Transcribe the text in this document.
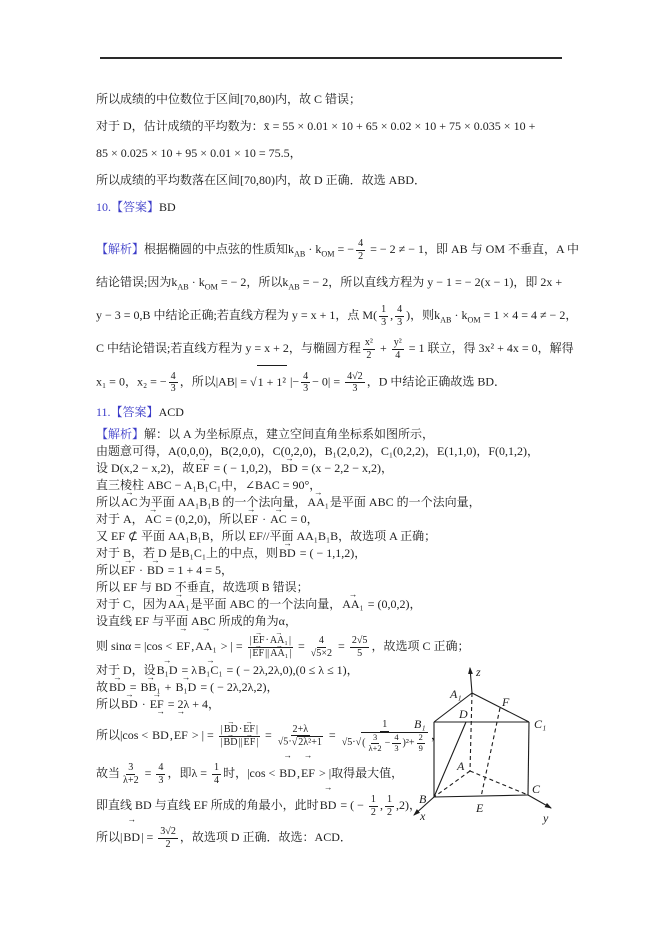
所以成绩的中位数位于区间[70,80)内，故 C 错误；
对于 D，估计成绩的平均数为：x̄ = 55 × 0.01 × 10 + 65 × 0.02 × 10 + 75 × 0.035 × 10 +
85 × 0.025 × 10 + 95 × 0.01 × 10 = 75.5，
所以成绩的平均数落在区间[70,80)内，故 D 正确．故选 ABD．
10.【答案】BD
【解析】根据椭圆的中点弦的性质知$k_{AB} \cdot k_{OM}$ = − $\frac{4}{2}$ = − 2 ≠ − 1，即 AB 与 OM 不垂直，A 中
结论错误;因为$k_{AB} \cdot k_{OM}$ = − 2，所以$k_{AB}$ = − 2，所以直线方程为 y − 1 = − 2(x − 1)，即 2x +
y − 3 = 0,B 中结论正确;若直线方程为 y = x + 1，点 $M( \frac{1}{3}$ , $\frac{4}{3}$ )，则$k_{AB} \cdot k_{OM} = 1 \times 4 = 4$ ≠ − 2，
C 中结论错误;若直线方程为 y = x + 2，与椭圆方程 $\frac{\text{x²}}{2} + \frac{\text{y²}}{4} = 1$ 联立，得 3x² + 4x = 0，解得
x₁ = 0，x₂ = − $\frac{4}{3}$ ，所以|AB| = √ 1 + 1² |− $\frac{4}{3} - 0| = \frac{4√2}{3}$ ，D 中结论正确故选 BD．
11.【答案】ACD
【解析】解：以 A 为坐标原点，建立空间直角坐标系如图所示，
由题意可得，A(0,0,0)，B(2,0,0)，C(0,2,0)，B₁(2,0,2)，C₁(0,2,2)，E(1,1,0)，F(0,1,2)，
设 D(x,2 − x,2)，故→ EF = ( − 1,0,2)，→ BD = (x − 2,2 − x,2)，
直三棱柱 ABC − A₁B₁C₁中，∠BAC = 90°，
所以→ AC为平面 AA₁B₁B 的一个法向量，→ AA₁是平面 ABC 的一个法向量，
对于 A，→ AC = (0,2,0)，所以→ EF · → AC = 0，
又 EF ⊄ 平面 AA₁B₁B，所以 EF//平面 AA₁B₁B，故选项 A 正确；
对于 B，若 D 是B₁C₁上的中点，则→ BD = ( − 1,1,2)，
所以→ EF · → BD = 1 + 4 = 5，
所以 EF 与 BD 不垂直，故选项 B 错误；
对于 C，因为→ AA₁是平面 ABC 的一个法向量，→ AA₁ = (0,0,2)，
设直线 EF 与平面 ABC 所成的角为α，
则 sinα = |cos < → EF,→ AA₁ > | = $\frac{\text{|→ EF·→ AA₁|}}{\text{|→ EF||→ AA₁|}} = \frac{4}{√5\times 2} = \frac{2√5}{5}$ ，故选项 C 正确；
对于 D，设→ B₁D = λ→ B₁C₁ = ( − 2λ,2λ,0),(0 ≤ λ ≤ 1)，
故→ BD = → BB₁ + → B₁D = ( − 2λ,2λ,2)，
所以→ BD · → EF = 2λ + 4，
所以|cos < → BD,→ EF > | = $\frac{|\to BD\cdot\to EF|}{|\to BD||\to EF|} = \frac{2+\lambda}{\text{√5· √ 2λ²+1}} = \frac{1}{√5\cdot √ ( \frac{3}{\lambda+2} - \frac{4}{3} )^2+ \frac{2}{9}}$ ，
故当 $\frac{3}{\lambda+2} = \frac{4}{3}$ ，即$\lambda = \frac{1}{4}$ 时，|cos < → BD,→ EF > |取得最大值，
即直线 BD 与直线 EF 所成的角最小，此时→ BD = ( − $\frac{1}{2}$ , $\frac{1}{2} ,2$)，
所以|→ $BD| = \frac{3√2}{2}$ ，故选项 D 正确．故选：ACD．
z
A₁
B₁	C₁
D
F
A
B
C
E
x	y
